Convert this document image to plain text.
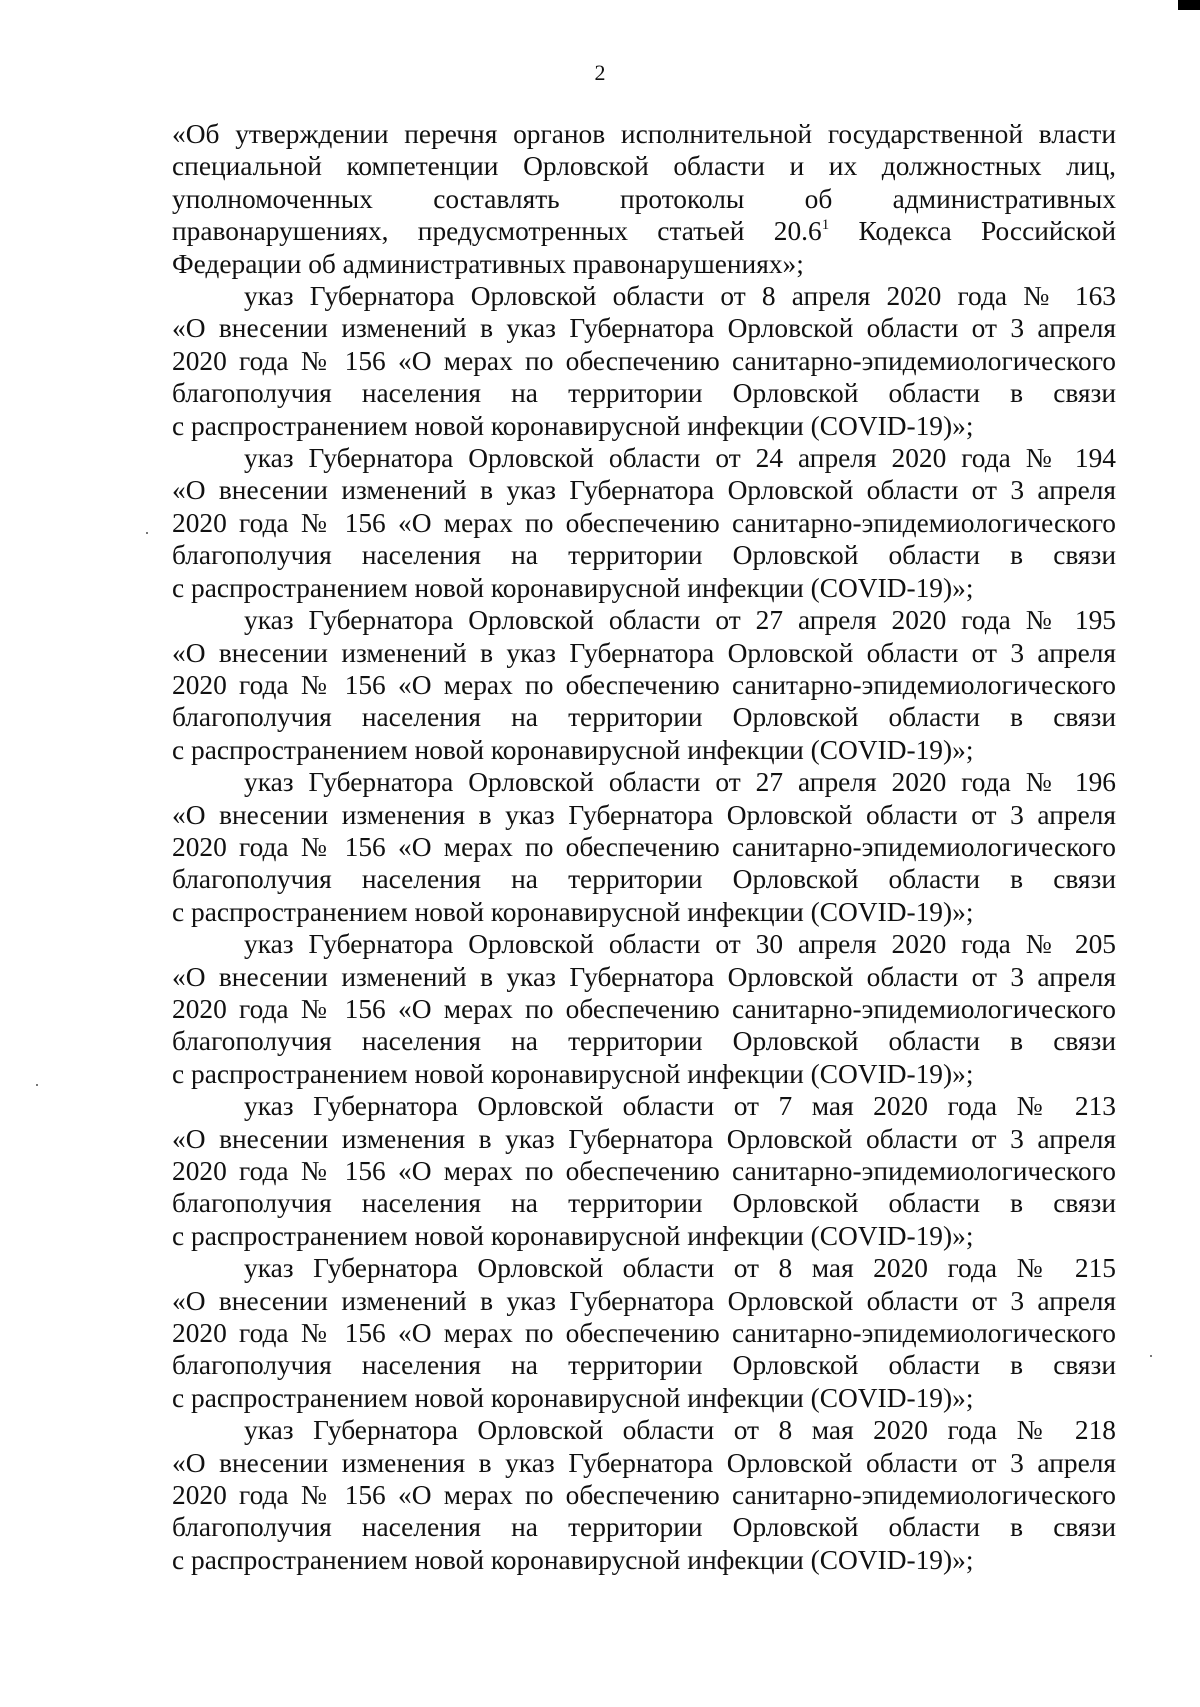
2

«Об утверждении перечня органов исполнительной государственной власти
специальной компетенции Орловской области и их должностных лиц,
уполномоченных составлять протоколы об административных
правонарушениях, предусмотренных статьей 20.6$^1$ Кодекса Российской
Федерации об административных правонарушениях»;

указ Губернатора Орловской области от 8 апреля 2020 года № 163
«О внесении изменений в указ Губернатора Орловской области от 3 апреля
2020 года № 156 «О мерах по обеспечению санитарно-эпидемиологического
благополучия населения на территории Орловской области в связи
с распространением новой коронавирусной инфекции (COVID-19)»;

указ Губернатора Орловской области от 24 апреля 2020 года № 194
«О внесении изменений в указ Губернатора Орловской области от 3 апреля
2020 года № 156 «О мерах по обеспечению санитарно-эпидемиологического
благополучия населения на территории Орловской области в связи
с распространением новой коронавирусной инфекции (COVID-19)»;

указ Губернатора Орловской области от 27 апреля 2020 года № 195
«О внесении изменений в указ Губернатора Орловской области от 3 апреля
2020 года № 156 «О мерах по обеспечению санитарно-эпидемиологического
благополучия населения на территории Орловской области в связи
с распространением новой коронавирусной инфекции (COVID-19)»;

указ Губернатора Орловской области от 27 апреля 2020 года № 196
«О внесении изменения в указ Губернатора Орловской области от 3 апреля
2020 года № 156 «О мерах по обеспечению санитарно-эпидемиологического
благополучия населения на территории Орловской области в связи
с распространением новой коронавирусной инфекции (COVID-19)»;

указ Губернатора Орловской области от 30 апреля 2020 года № 205
«О внесении изменений в указ Губернатора Орловской области от 3 апреля
2020 года № 156 «О мерах по обеспечению санитарно-эпидемиологического
благополучия населения на территории Орловской области в связи
с распространением новой коронавирусной инфекции (COVID-19)»;

указ Губернатора Орловской области от 7 мая 2020 года № 213
«О внесении изменения в указ Губернатора Орловской области от 3 апреля
2020 года № 156 «О мерах по обеспечению санитарно-эпидемиологического
благополучия населения на территории Орловской области в связи
с распространением новой коронавирусной инфекции (COVID-19)»;

указ Губернатора Орловской области от 8 мая 2020 года № 215
«О внесении изменений в указ Губернатора Орловской области от 3 апреля
2020 года № 156 «О мерах по обеспечению санитарно-эпидемиологического
благополучия населения на территории Орловской области в связи
с распространением новой коронавирусной инфекции (COVID-19)»;

указ Губернатора Орловской области от 8 мая 2020 года № 218
«О внесении изменения в указ Губернатора Орловской области от 3 апреля
2020 года № 156 «О мерах по обеспечению санитарно-эпидемиологического
благополучия населения на территории Орловской области в связи
с распространением новой коронавирусной инфекции (COVID-19)»;
